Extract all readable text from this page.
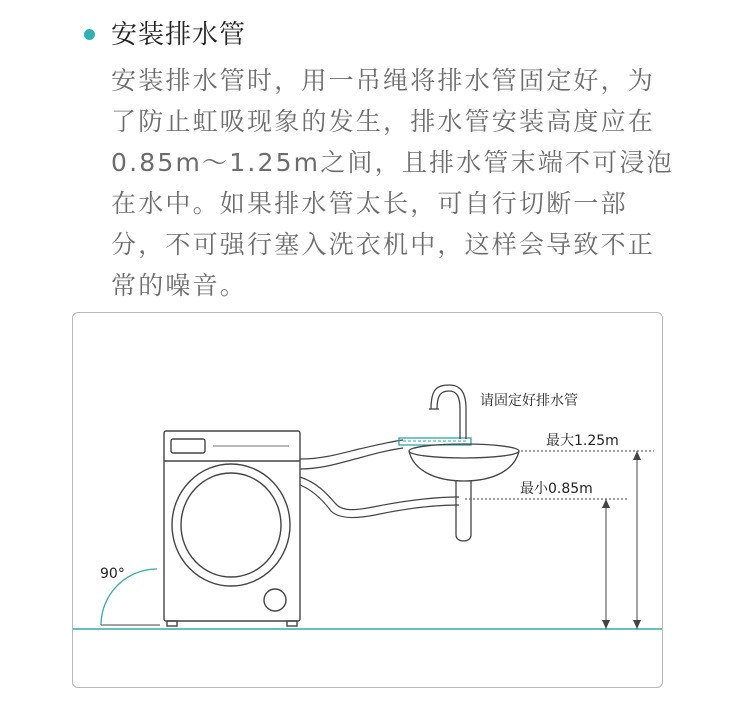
安装排水管
安装排水管时，用一吊绳将排水管固定好，为
了防止虹吸现象的发生，排水管安装高度应在
0.85m～1.25m之间，且排水管末端不可浸泡
在水中。如果排水管太长，可自行切断一部
分，不可强行塞入洗衣机中，这样会导致不正
常的噪音。
90°
请固定好排水管
最大1.25m
最小0.85m
